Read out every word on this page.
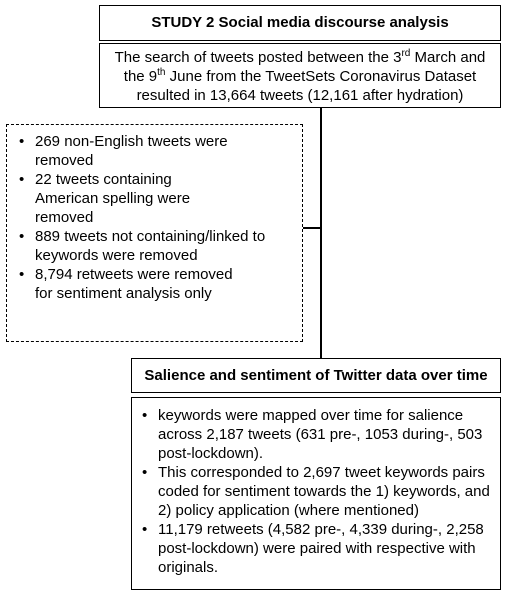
STUDY 2 Social media discourse analysis
The search of tweets posted between the 3rd March and
the 9th June from the TweetSets Coronavirus Dataset
resulted in 13,664 tweets (12,161 after hydration)
• 269 non-English tweets were removed
• 22 tweets containing American spelling were removed
• 889 tweets not containing/linked to keywords were removed
• 8,794 retweets were removed for sentiment analysis only
Salience and sentiment of Twitter data over time
• keywords were mapped over time for salience across 2,187 tweets (631 pre-, 1053 during-, 503 post-lockdown).
• This corresponded to 2,697 tweet keywords pairs coded for sentiment towards the 1) keywords, and 2) policy application (where mentioned)
• 11,179 retweets (4,582 pre-, 4,339 during-, 2,258 post-lockdown) were paired with respective with originals.
